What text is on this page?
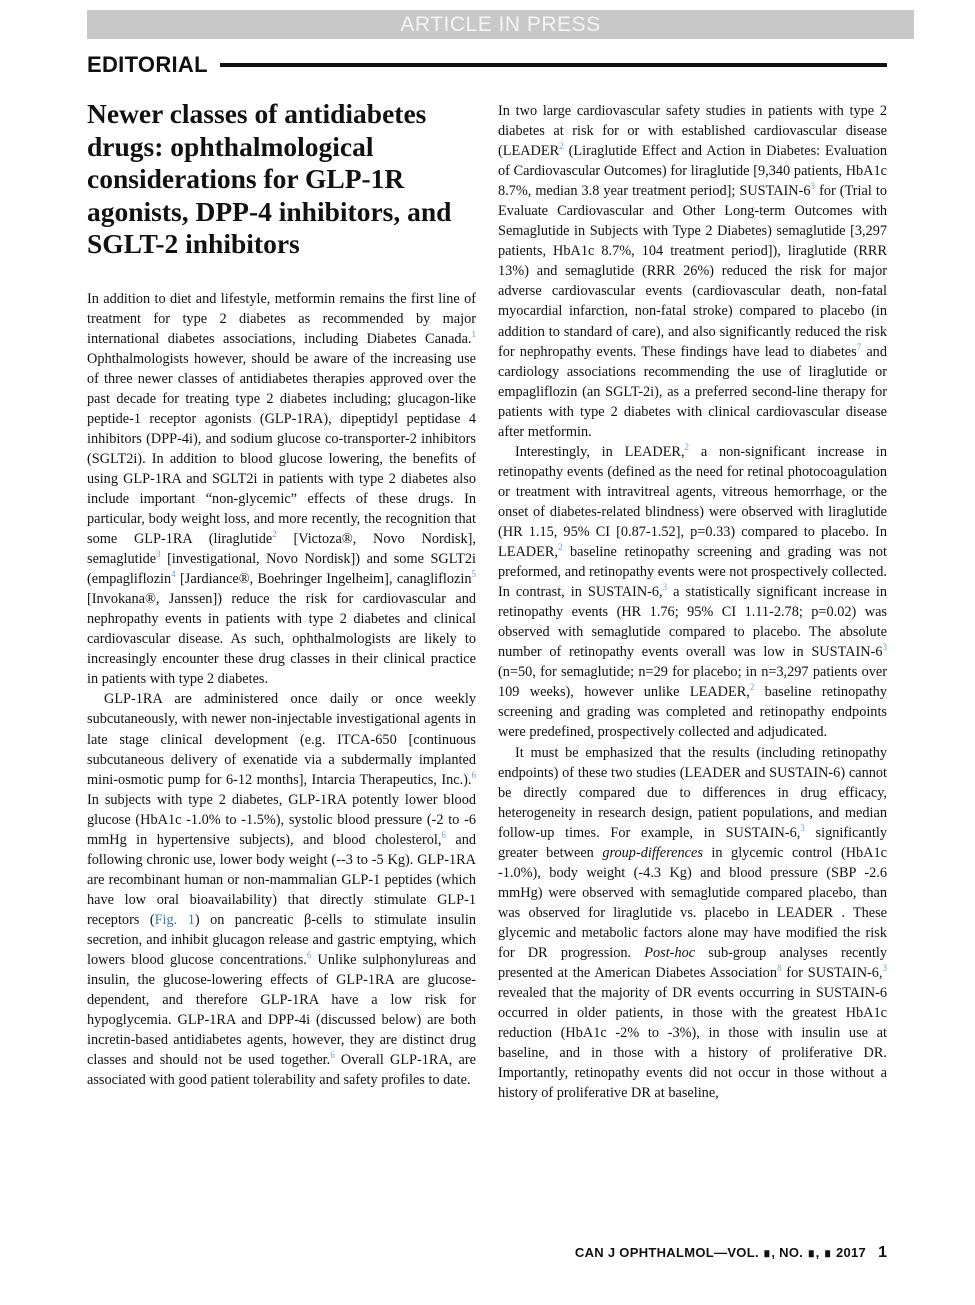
ARTICLE IN PRESS
EDITORIAL
Newer classes of antidiabetes drugs: ophthalmological considerations for GLP-1R agonists, DPP-4 inhibitors, and SGLT-2 inhibitors

In addition to diet and lifestyle, metformin remains the first line of treatment for type 2 diabetes as recommended by major international diabetes associations, including Diabetes Canada.$^1$ Ophthalmologists however, should be aware of the increasing use of three newer classes of antidiabetes therapies approved over the past decade for treating type 2 diabetes including; glucagon-like peptide-1 receptor agonists (GLP-1RA), dipeptidyl peptidase 4 inhibitors (DPP-4i), and sodium glucose co-transporter-2 inhibitors (SGLT2i). In addition to blood glucose lowering, the benefits of using GLP-1RA and SGLT2i in patients with type 2 diabetes also include important “non-glycemic” effects of these drugs. In particular, body weight loss, and more recently, the recognition that some GLP-1RA (liraglutide$^2$ [Victoza®, Novo Nordisk], semaglutide$^3$ [investigational, Novo Nordisk]) and some SGLT2i (empagliflozin$^4$ [Jardiance®, Boehringer Ingelheim], canagliflozin$^5$ [Invokana®, Janssen]) reduce the risk for cardiovascular and nephropathy events in patients with type 2 diabetes and clinical cardiovascular disease. As such, ophthalmologists are likely to increasingly encounter these drug classes in their clinical practice in patients with type 2 diabetes.

GLP-1RA are administered once daily or once weekly subcutaneously, with newer non-injectable investigational agents in late stage clinical development (e.g. ITCA-650 [continuous subcutaneous delivery of exenatide via a subdermally implanted mini-osmotic pump for 6-12 months], Intarcia Therapeutics, Inc.).$^6$ In subjects with type 2 diabetes, GLP-1RA potently lower blood glucose (HbA1c -1.0% to -1.5%), systolic blood pressure (-2 to -6 mmHg in hypertensive subjects), and blood cholesterol,$^6$ and following chronic use, lower body weight (--3 to -5 Kg). GLP-1RA are recombinant human or non-mammalian GLP-1 peptides (which have low oral bioavailability) that directly stimulate GLP-1 receptors (Fig. 1) on pancreatic β-cells to stimulate insulin secretion, and inhibit glucagon release and gastric emptying, which lowers blood glucose concentrations.$^6$ Unlike sulphonylureas and insulin, the glucose-lowering effects of GLP-1RA are glucose-dependent, and therefore GLP-1RA have a low risk for hypoglycemia. GLP-1RA and DPP-4i (discussed below) are both incretin-based antidiabetes agents, however, they are distinct drug classes and should not be used together.$^6$ Overall GLP-1RA, are associated with good patient tolerability and safety profiles to date.

In two large cardiovascular safety studies in patients with type 2 diabetes at risk for or with established cardiovascular disease (LEADER$^2$ (Liraglutide Effect and Action in Diabetes: Evaluation of Cardiovascular Outcomes) for liraglutide [9,340 patients, HbA1c 8.7%, median 3.8 year treatment period]; SUSTAIN-$6^3$ for (Trial to Evaluate Cardiovascular and Other Long-term Outcomes with Semaglutide in Subjects with Type 2 Diabetes) semaglutide [3,297 patients, HbA1c 8.7%, 104 treatment period]), liraglutide (RRR 13%) and semaglutide (RRR 26%) reduced the risk for major adverse cardiovascular events (cardiovascular death, non-fatal myocardial infarction, non-fatal stroke) compared to placebo (in addition to standard of care), and also significantly reduced the risk for nephropathy events. These findings have lead to diabetes$^7$ and cardiology associations recommending the use of liraglutide or empagliflozin (an SGLT-2i), as a preferred second-line therapy for patients with type 2 diabetes with clinical cardiovascular disease after metformin.

Interestingly, in LEADER,$^2$ a non-significant increase in retinopathy events (defined as the need for retinal photocoagulation or treatment with intravitreal agents, vitreous hemorrhage, or the onset of diabetes-related blindness) were observed with liraglutide (HR 1.15, 95% CI [0.87-1.52], p=0.33) compared to placebo. In LEADER,$^2$ baseline retinopathy screening and grading was not preformed, and retinopathy events were not prospectively collected. In contrast, in SUSTAIN-6,$^3$ a statistically significant increase in retinopathy events (HR 1.76; 95% CI 1.11-2.78; p=0.02) was observed with semaglutide compared to placebo. The absolute number of retinopathy events overall was low in SUSTAIN-$6^3$ (n=50, for semaglutide; n=29 for placebo; in n=3,297 patients over 109 weeks), however unlike LEADER,$^2$ baseline retinopathy screening and grading was completed and retinopathy endpoints were predefined, prospectively collected and adjudicated.

It must be emphasized that the results (including retinopathy endpoints) of these two studies (LEADER and SUSTAIN-6) cannot be directly compared due to differences in drug efficacy, heterogeneity in research design, patient populations, and median follow-up times. For example, in SUSTAIN-6,$^3$ significantly greater between group-differences in glycemic control (HbA1c -1.0%), body weight (-4.3 Kg) and blood pressure (SBP -2.6 mmHg) were observed with semaglutide compared placebo, than was observed for liraglutide vs. placebo in LEADER . These glycemic and metabolic factors alone may have modified the risk for DR progression. Post-hoc sub-group analyses recently presented at the American Diabetes Association$^8$ for SUSTAIN-6,$^3$ revealed that the majority of DR events occurring in SUSTAIN-6 occurred in older patients, in those with the greatest HbA1c reduction (HbA1c -2% to -3%), in those with insulin use at baseline, and in those with a history of proliferative DR. Importantly, retinopathy events did not occur in those without a history of proliferative DR at baseline,

CAN J OPHTHALMOL—VOL. ∎, NO. ∎, ∎ 2017 1
